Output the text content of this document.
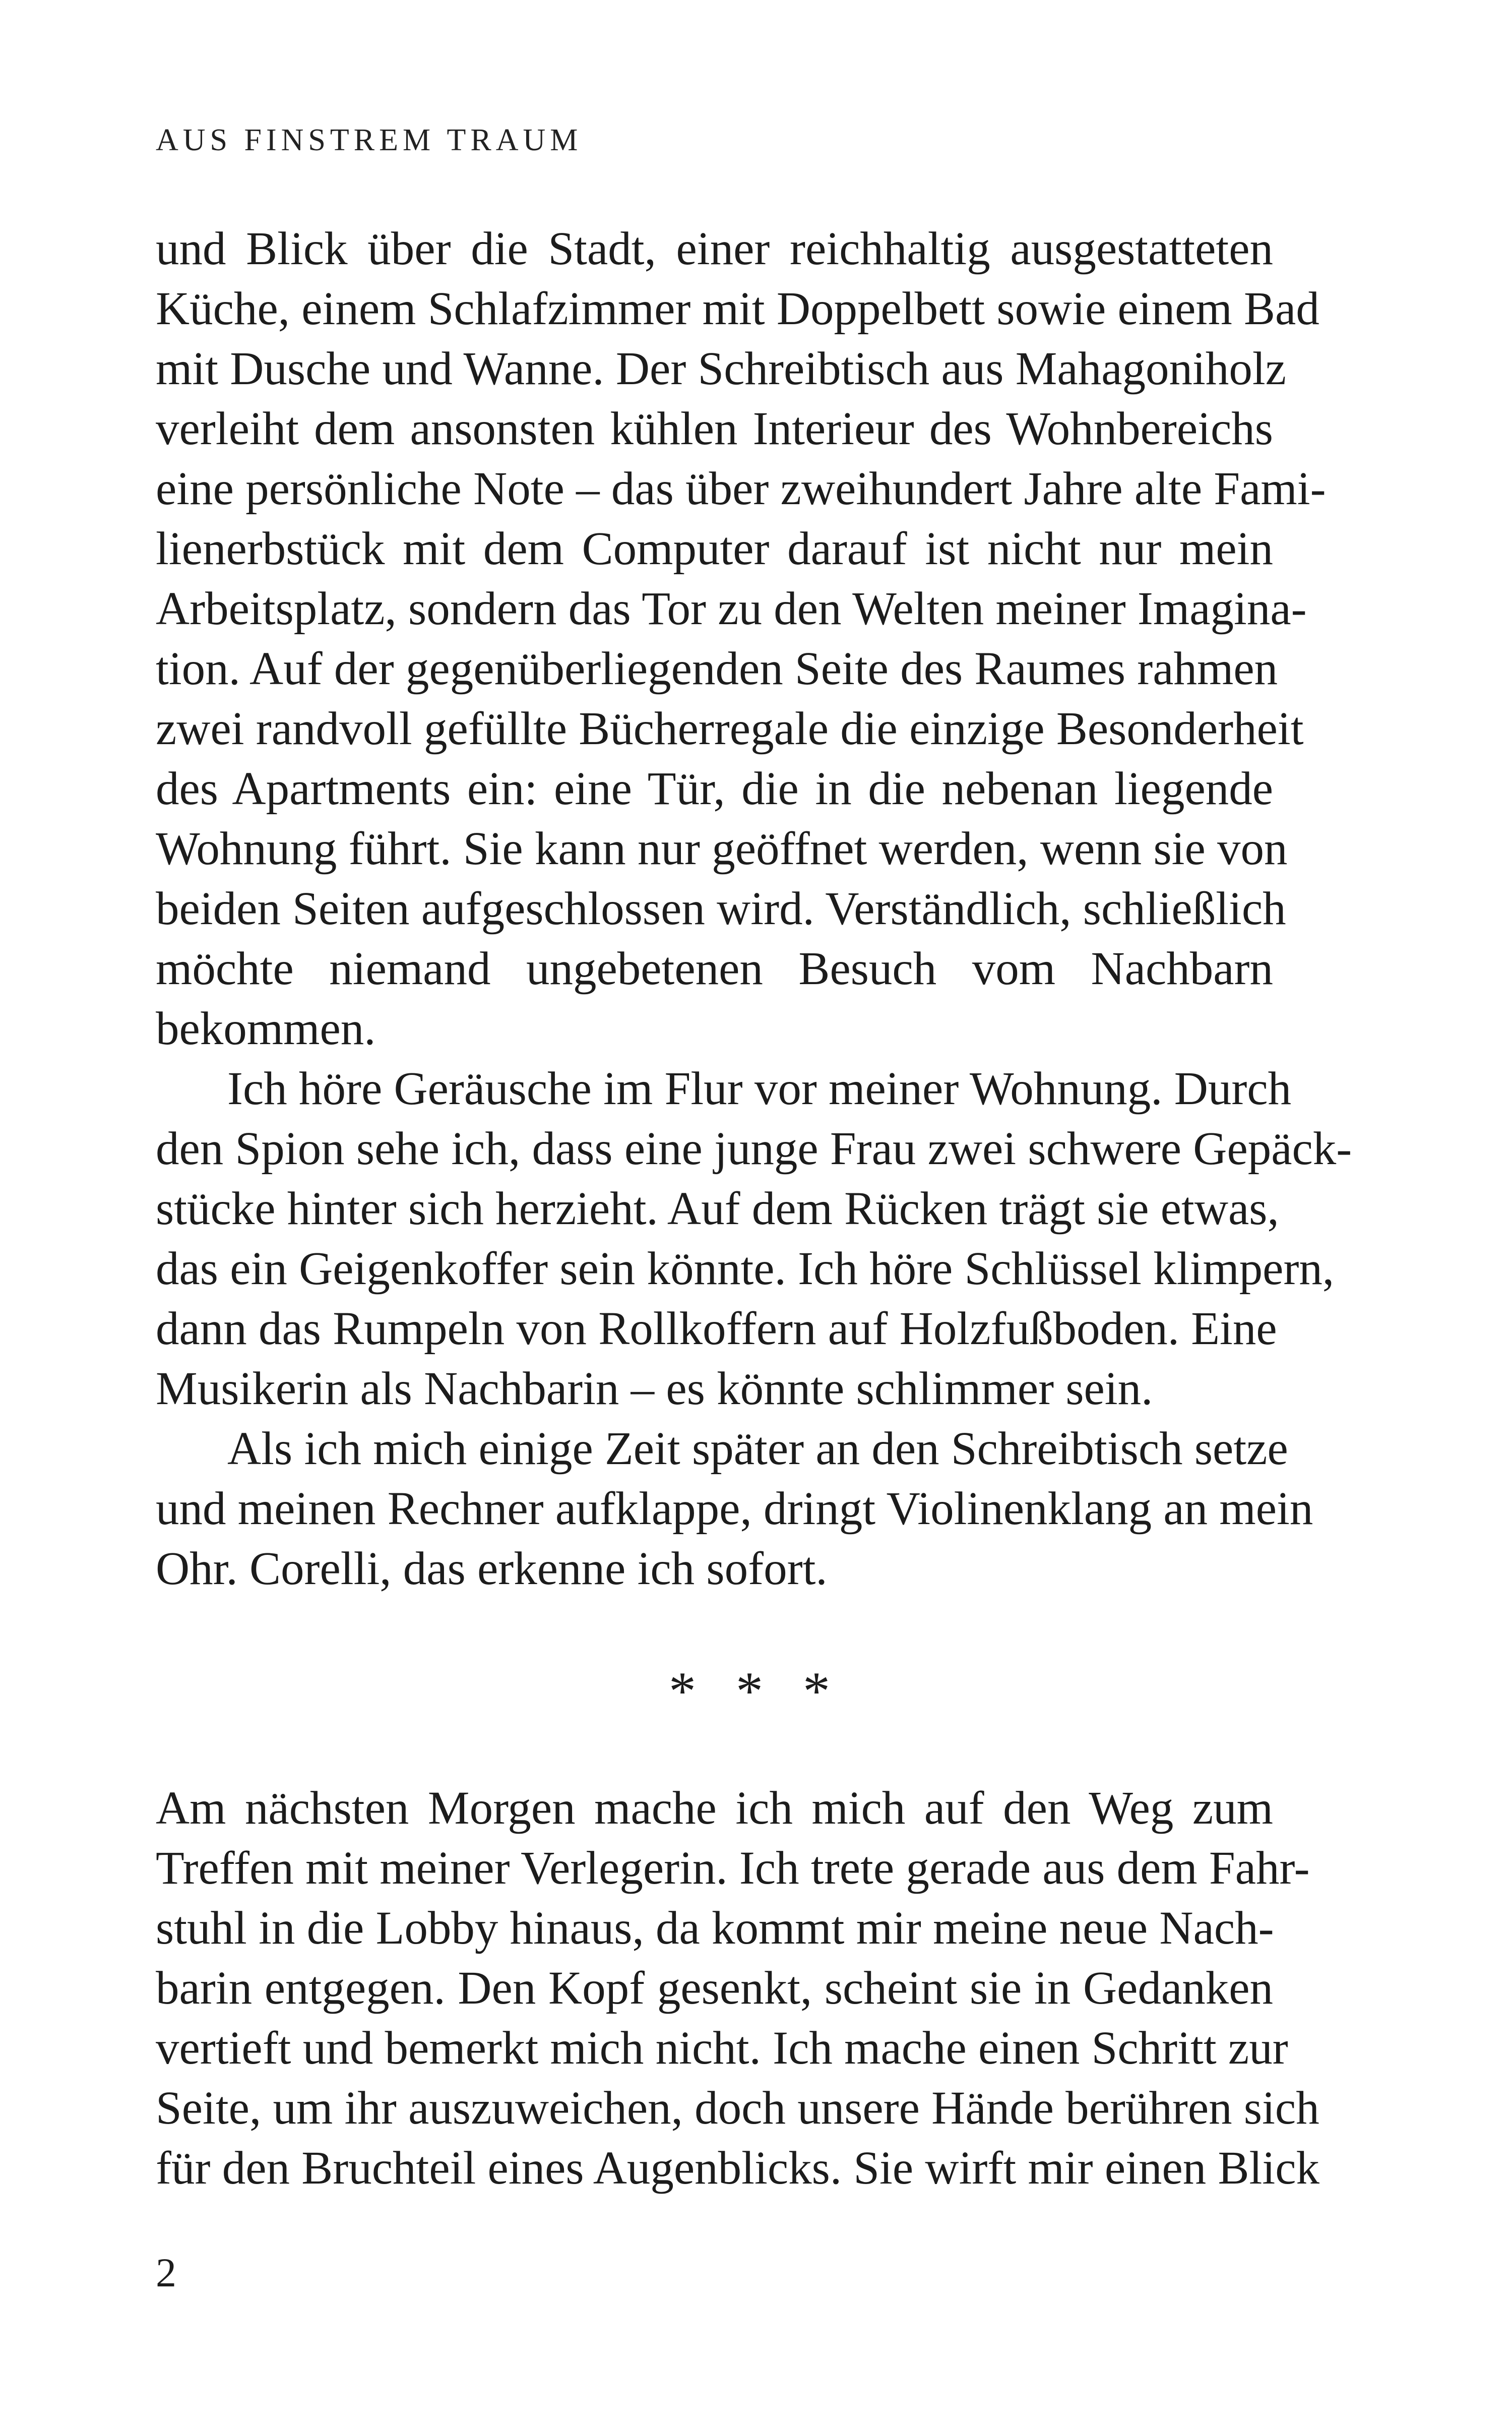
AUS FINSTREM TRAUM
und Blick über die Stadt, einer reichhaltig ausgestatteten
Küche, einem Schlafzimmer mit Doppelbett sowie einem Bad
mit Dusche und Wanne. Der Schreibtisch aus Mahagoniholz
verleiht dem ansonsten kühlen Interieur des Wohnbereichs
eine persönliche Note – das über zweihundert Jahre alte Fami-
lienerbstück mit dem Computer darauf ist nicht nur mein
Arbeitsplatz, sondern das Tor zu den Welten meiner Imagina-
tion. Auf der gegenüberliegenden Seite des Raumes rahmen
zwei randvoll gefüllte Bücherregale die einzige Besonderheit
des Apartments ein: eine Tür, die in die nebenan liegende
Wohnung führt. Sie kann nur geöffnet werden, wenn sie von
beiden Seiten aufgeschlossen wird. Verständlich, schließlich
möchte niemand ungebetenen Besuch vom Nachbarn
bekommen.
Ich höre Geräusche im Flur vor meiner Wohnung. Durch
den Spion sehe ich, dass eine junge Frau zwei schwere Gepäck-
stücke hinter sich herzieht. Auf dem Rücken trägt sie etwas,
das ein Geigenkoffer sein könnte. Ich höre Schlüssel klimpern,
dann das Rumpeln von Rollkoffern auf Holzfußboden. Eine
Musikerin als Nachbarin – es könnte schlimmer sein.
Als ich mich einige Zeit später an den Schreibtisch setze
und meinen Rechner aufklappe, dringt Violinenklang an mein
Ohr. Corelli, das erkenne ich sofort.
* * *
Am nächsten Morgen mache ich mich auf den Weg zum
Treffen mit meiner Verlegerin. Ich trete gerade aus dem Fahr-
stuhl in die Lobby hinaus, da kommt mir meine neue Nach-
barin entgegen. Den Kopf gesenkt, scheint sie in Gedanken
vertieft und bemerkt mich nicht. Ich mache einen Schritt zur
Seite, um ihr auszuweichen, doch unsere Hände berühren sich
für den Bruchteil eines Augenblicks. Sie wirft mir einen Blick
2
